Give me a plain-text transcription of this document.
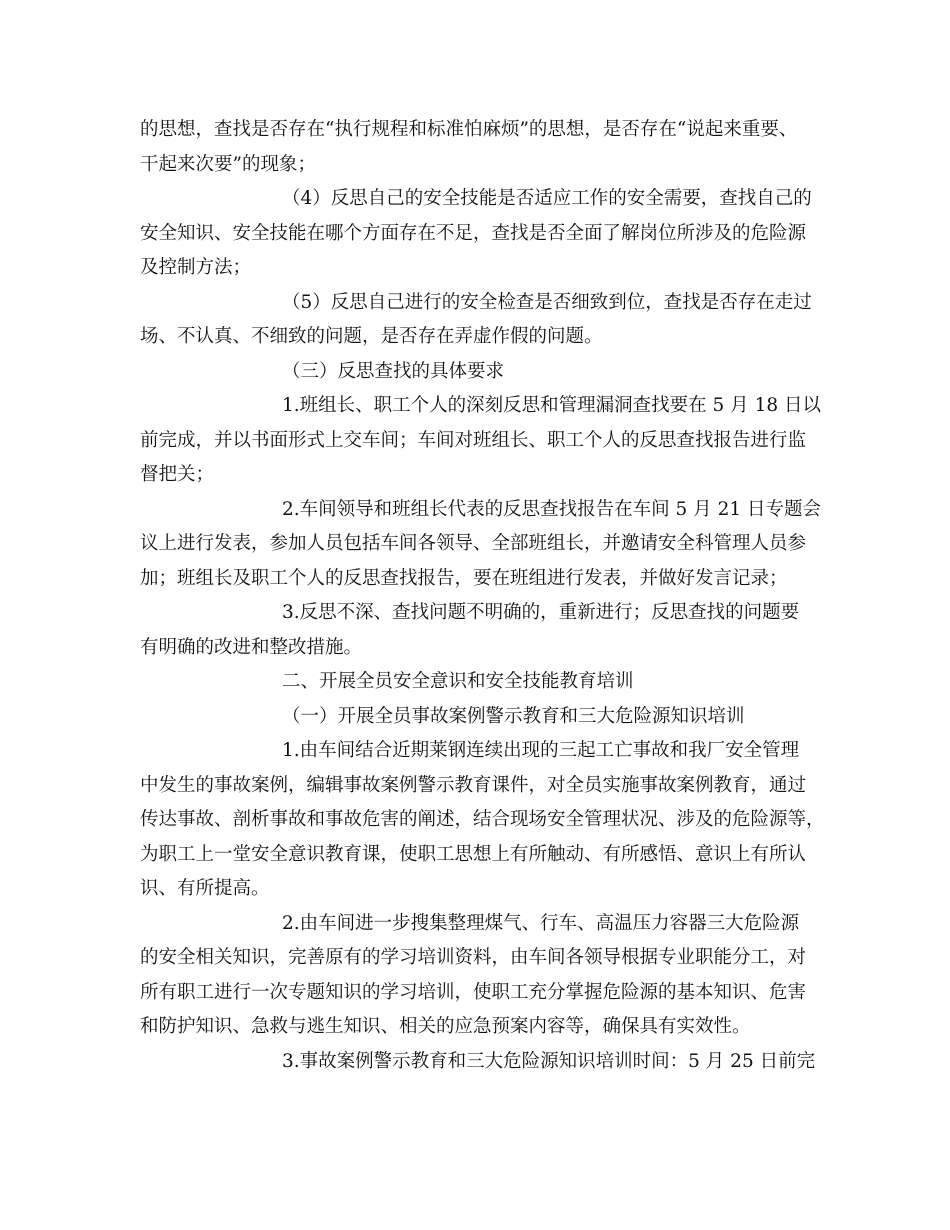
的思想，查找是否存在“执行规程和标准怕麻烦”的思想，是否存在“说起来重要、
干起来次要”的现象；

（4）反思自己的安全技能是否适应工作的安全需要，查找自己的
安全知识、安全技能在哪个方面存在不足，查找是否全面了解岗位所涉及的危险源
及控制方法；

（5）反思自己进行的安全检查是否细致到位，查找是否存在走过
场、不认真、不细致的问题，是否存在弄虚作假的问题。

（三）反思查找的具体要求

1.班组长、职工个人的深刻反思和管理漏洞查找要在 5 月 18 日以
前完成，并以书面形式上交车间；车间对班组长、职工个人的反思查找报告进行监
督把关；

2.车间领导和班组长代表的反思查找报告在车间 5 月 21 日专题会
议上进行发表，参加人员包括车间各领导、全部班组长，并邀请安全科管理人员参
加；班组长及职工个人的反思查找报告，要在班组进行发表，并做好发言记录；

3.反思不深、查找问题不明确的，重新进行；反思查找的问题要
有明确的改进和整改措施。

二、开展全员安全意识和安全技能教育培训

（一）开展全员事故案例警示教育和三大危险源知识培训

1.由车间结合近期莱钢连续出现的三起工亡事故和我厂安全管理
中发生的事故案例，编辑事故案例警示教育课件，对全员实施事故案例教育，通过
传达事故、剖析事故和事故危害的阐述，结合现场安全管理状况、涉及的危险源等，
为职工上一堂安全意识教育课，使职工思想上有所触动、有所感悟、意识上有所认
识、有所提高。

2.由车间进一步搜集整理煤气、行车、高温压力容器三大危险源
的安全相关知识，完善原有的学习培训资料，由车间各领导根据专业职能分工，对
所有职工进行一次专题知识的学习培训，使职工充分掌握危险源的基本知识、危害
和防护知识、急救与逃生知识、相关的应急预案内容等，确保具有实效性。

3.事故案例警示教育和三大危险源知识培训时间：5 月 25 日前完
